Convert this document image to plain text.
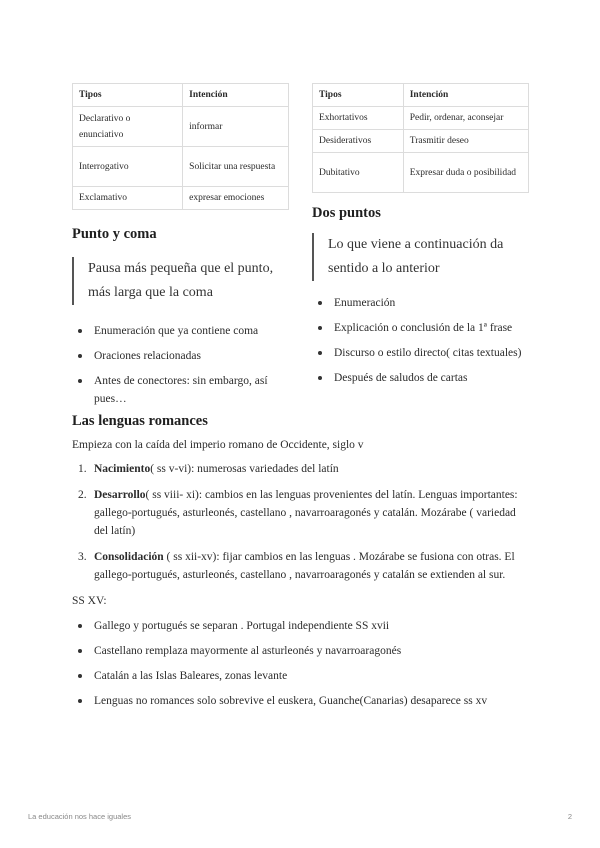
Tipos	Intención
Declarativo o enunciativo	informar
Interrogativo	Solicitar una respuesta
Exclamativo	expresar emociones
Punto y coma
Pausa más pequeña que el punto, más larga que la coma
Enumeración que ya contiene coma
Oraciones relacionadas
Antes de conectores: sin embargo, así pues…
Tipos	Intención
Exhortativos	Pedir, ordenar, aconsejar
Desiderativos	Trasmitir deseo
Dubitativo	Expresar duda o posibilidad
Dos puntos
Lo que viene a continuación da sentido a lo anterior
Enumeración
Explicación o conclusión de la 1ª frase
Discurso o estilo directo( citas textuales)
Después de saludos de cartas
Las lenguas romances
Empieza con la caída del imperio romano de Occidente, siglo v
1. Nacimiento( ss v-vi): numerosas variedades del latín
2. Desarrollo( ss viii- xi): cambios en las lenguas provenientes del latín. Lenguas importantes: gallego-portugués, asturleonés, castellano , navarroaragonés y catalán. Mozárabe ( variedad del latín)
3. Consolidación ( ss xii-xv): fijar cambios en las lenguas . Mozárabe se fusiona con otras. El gallego-portugués, asturleonés, castellano , navarroaragonés y catalán se extienden al sur.
SS XV:
Gallego y portugués se separan . Portugal independiente SS xvii
Castellano remplaza mayormente al asturleonés y navarroaragonés
Catalán a las Islas Baleares, zonas levante
Lenguas no romances solo sobrevive el euskera, Guanche(Canarias) desaparece ss xv
La educación nos hace iguales	2
